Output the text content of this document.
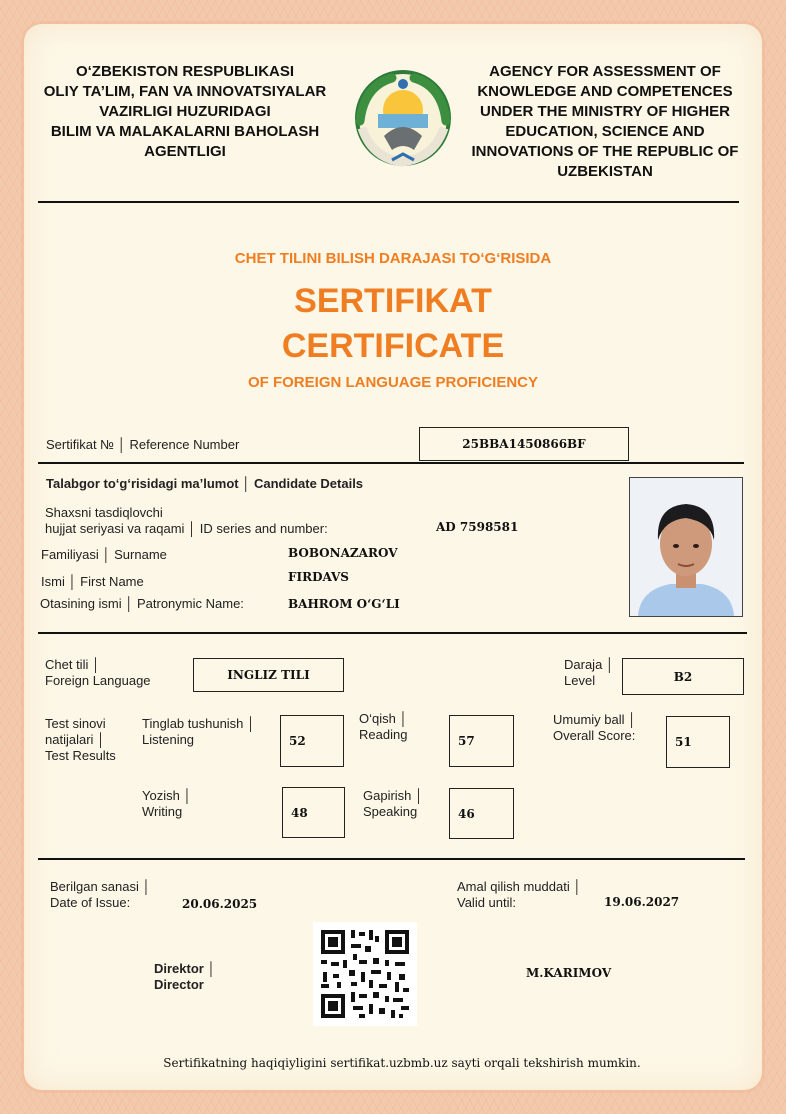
O‘ZBEKISTON RESPUBLIKASI
OLIY TA’LIM, FAN VA INNOVATSIYALAR
VAZIRLIGI HUZURIDAGI
BILIM VA MALAKALARNI BAHOLASH
AGENTLIGI
AGENCY FOR ASSESSMENT OF
KNOWLEDGE AND COMPETENCES
UNDER THE MINISTRY OF HIGHER
EDUCATION, SCIENCE AND
INNOVATIONS OF THE REPUBLIC OF
UZBEKISTAN
CHET TILINI BILISH DARAJASI TO‘G‘RISIDA
SERTIFIKAT
CERTIFICATE
OF FOREIGN LANGUAGE PROFICIENCY
Sertifikat № │ Reference Number	25BBA1450866BF
Talabgor to‘g‘risidagi ma’lumot │ Candidate Details
Shaxsni tasdiqlovchi
hujjat seriyasi va raqami │ ID series and number:	AD 7598581
Familiyasi │ Surname	BOBONAZAROV
Ismi │ First Name	FIRDAVS
Otasining ismi │ Patronymic Name:	BAHROM O‘G‘LI
Chet tili │
Foreign Language	INGLIZ TILI
Daraja │
Level	B2
Test sinovi
natijalari │
Test Results
Tinglab tushunish │
Listening	52
O‘qish │
Reading	57
Umumiy ball │
Overall Score:	51
Yozish │
Writing	48
Gapirish │
Speaking	46
Berilgan sanasi │
Date of Issue:	20.06.2025
Amal qilish muddati │
Valid until:	19.06.2027
Direktor │
Director
M.KARIMOV
Sertifikatning haqiqiyligini sertifikat.uzbmb.uz sayti orqali tekshirish mumkin.
